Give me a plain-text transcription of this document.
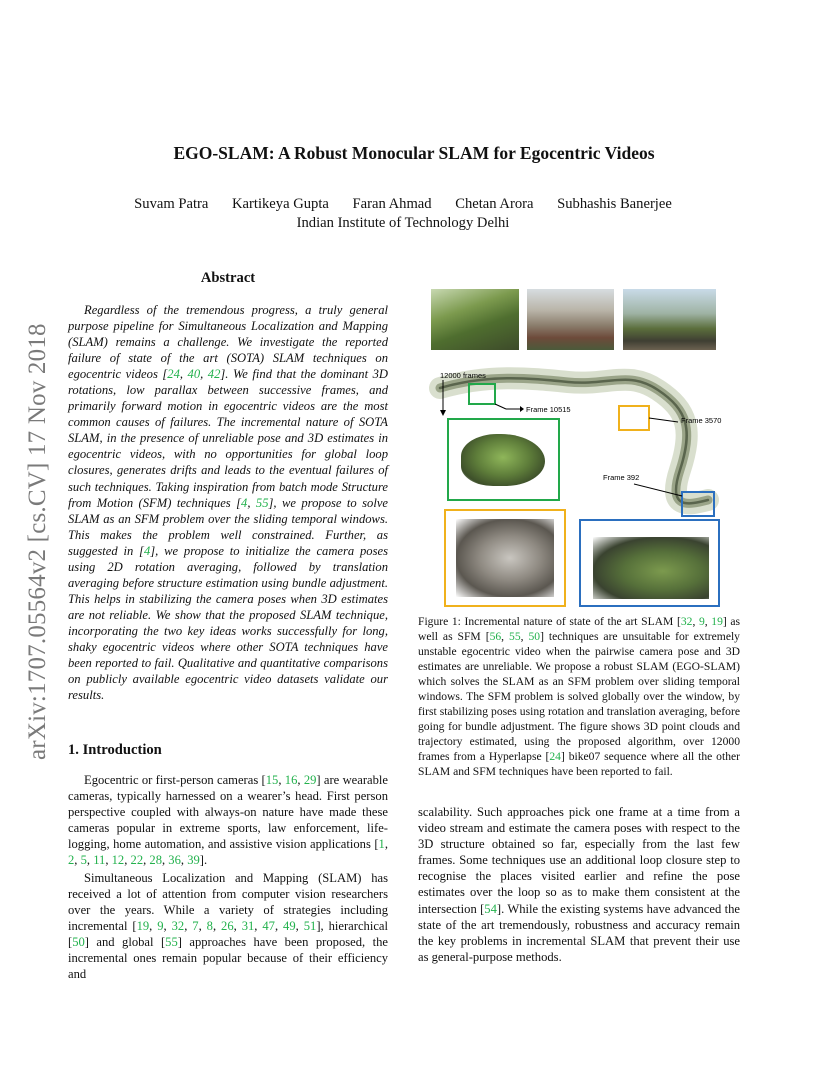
EGO-SLAM: A Robust Monocular SLAM for Egocentric Videos
Suvam Patra Kartikeya Gupta Faran Ahmad Chetan Arora Subhashis Banerjee
Indian Institute of Technology Delhi
arXiv:1707.05564v2 [cs.CV] 17 Nov 2018
Abstract

Regardless of the tremendous progress, a truly general purpose pipeline for Simultaneous Localization and Mapping (SLAM) remains a challenge. We investigate the reported failure of state of the art (SOTA) SLAM techniques on egocentric videos [24, 40, 42]. We find that the dominant 3D rotations, low parallax between successive frames, and primarily forward motion in egocentric videos are the most common causes of failures. The incremental nature of SOTA SLAM, in the presence of unreliable pose and 3D estimates in egocentric videos, with no opportunities for global loop closures, generates drifts and leads to the eventual failures of such techniques. Taking inspiration from batch mode Structure from Motion (SFM) techniques [4, 55], we propose to solve SLAM as an SFM problem over the sliding temporal windows. This makes the problem well constrained. Further, as suggested in [4], we propose to initialize the camera poses using 2D rotation averaging, followed by translation averaging before structure estimation using bundle adjustment. This helps in stabilizing the camera poses when 3D estimates are not reliable. We show that the proposed SLAM technique, incorporating the two key ideas works successfully for long, shaky egocentric videos where other SOTA techniques have been reported to fail. Qualitative and quantitative comparisons on publicly available egocentric video datasets validate our results.

1. Introduction

Egocentric or first-person cameras [15, 16, 29] are wearable cameras, typically harnessed on a wearer’s head. First person perspective coupled with always-on nature have made these cameras popular in extreme sports, law enforcement, life-logging, home automation, and assistive vision applications [1, 2, 5, 11, 12, 22, 28, 36, 39].

Simultaneous Localization and Mapping (SLAM) has received a lot of attention from computer vision researchers over the years. While a variety of strategies including incremental [19, 9, 32, 7, 8, 26, 31, 47, 49, 51], hierarchical [50] and global [55] approaches have been proposed, the incremental ones remain popular because of their efficiency and

12000 frames
Frame 10515
Frame 3570
Frame 392

Figure 1: Incremental nature of state of the art SLAM [32, 9, 19] as well as SFM [56, 55, 50] techniques are unsuitable for extremely unstable egocentric video when the pairwise camera pose and 3D estimates are unreliable. We propose a robust SLAM (EGO-SLAM) which solves the SLAM as an SFM problem over sliding temporal windows. The SFM problem is solved globally over the window, by first stabilizing poses using rotation and translation averaging, before going for bundle adjustment. The figure shows 3D point clouds and trajectory estimated, using the proposed algorithm, over 12000 frames from a Hyperlapse [24] bike07 sequence where all the other SLAM and SFM techniques have been reported to fail.

scalability. Such approaches pick one frame at a time from a video stream and estimate the camera poses with respect to the 3D structure obtained so far, especially from the last few frames. Some techniques use an additional loop closure step to recognise the places visited earlier and refine the pose estimates over the loop so as to make them consistent at the intersection [54]. While the existing systems have advanced the state of the art tremendously, robustness and accuracy remain the key problems in incremental SLAM that prevent their use as general-purpose methods.
